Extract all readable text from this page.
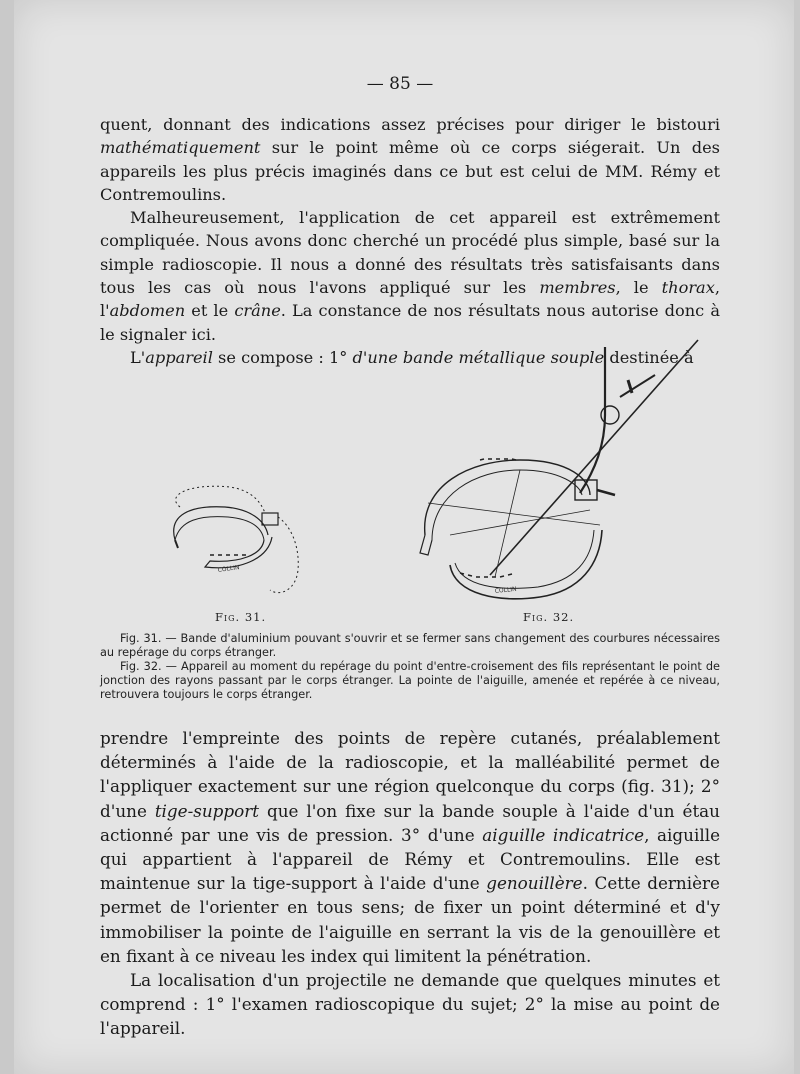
— 85 —

quent, donnant des indications assez précises pour diriger le bistouri mathématiquement sur le point même où ce corps siégerait. Un des appareils les plus précis imaginés dans ce but est celui de MM. Rémy et Contremoulins.

Malheureusement, l'application de cet appareil est extrêmement compliquée. Nous avons donc cherché un procédé plus simple, basé sur la simple radioscopie. Il nous a donné des résultats très satisfaisants dans tous les cas où nous l'avons appliqué sur les membres, le thorax, l'abdomen et le crâne. La constance de nos résultats nous autorise donc à le signaler ici.

L'appareil se compose : 1° d'une bande métallique souple destinée à

COLLIN
COLLIN
Fig. 31.	Fig. 32.

Fig. 31. — Bande d'aluminium pouvant s'ouvrir et se fermer sans changement des courbures nécessaires au repérage du corps étranger.

Fig. 32. — Appareil au moment du repérage du point d'entre-croisement des fils représentant le point de jonction des rayons passant par le corps étranger. La pointe de l'aiguille, amenée et repérée à ce niveau, retrouvera toujours le corps étranger.

prendre l'empreinte des points de repère cutanés, préalablement déterminés à l'aide de la radioscopie, et la malléabilité permet de l'appliquer exactement sur une région quelconque du corps (fig. 31); 2° d'une tige-support que l'on fixe sur la bande souple à l'aide d'un étau actionné par une vis de pression. 3° d'une aiguille indicatrice, aiguille qui appartient à l'appareil de Rémy et Contremoulins. Elle est maintenue sur la tige-support à l'aide d'une genouillère. Cette dernière permet de l'orienter en tous sens; de fixer un point déterminé et d'y immobiliser la pointe de l'aiguille en serrant la vis de la genouillère et en fixant à ce niveau les index qui limitent la pénétration.

La localisation d'un projectile ne demande que quelques minutes et comprend : 1° l'examen radioscopique du sujet; 2° la mise au point de l'appareil.
